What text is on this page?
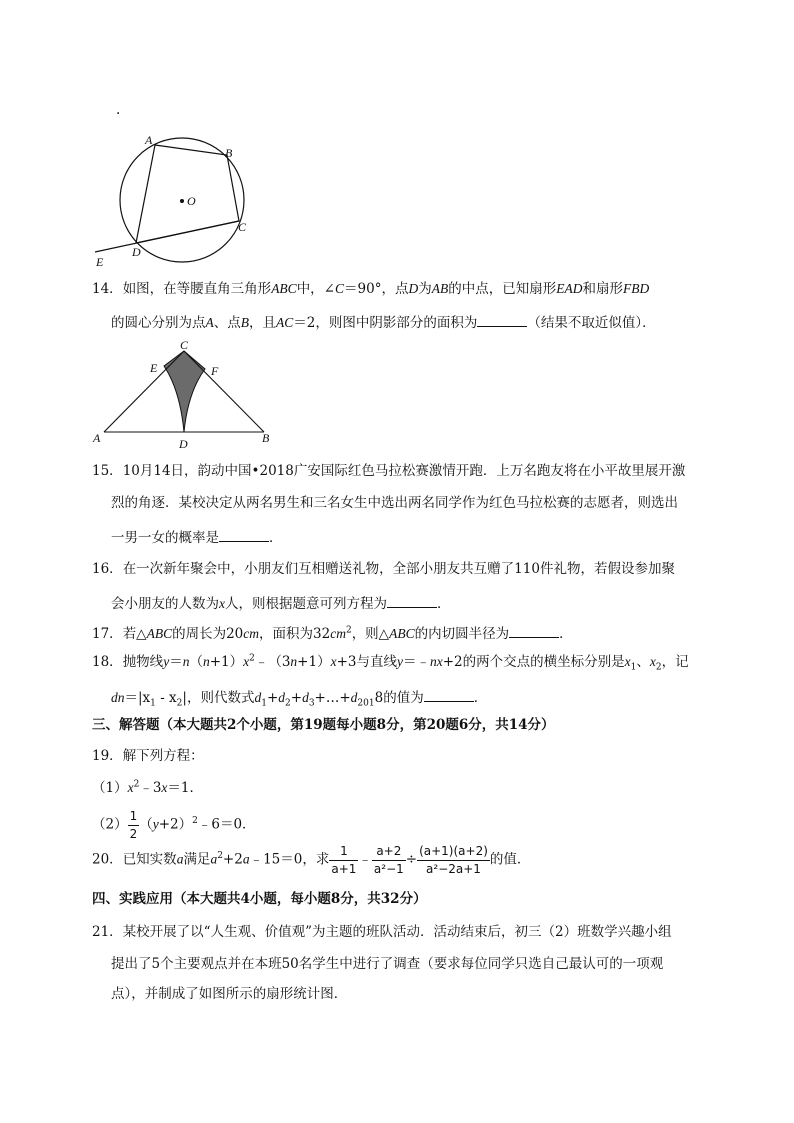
.
A
B
C
D
E
O
14．如图，在等腰直角三角形ABC中，∠C＝90°，点D为AB的中点，已知扇形EAD和扇形FBD
的圆心分别为点A、点B，且AC＝2，则图中阴影部分的面积为	（结果不取近似值）．
C
E	F
A	D	B
15．10月14日，韵动中国•2018广安国际红色马拉松赛激情开跑．上万名跑友将在小平故里展开激
烈的角逐．某校决定从两名男生和三名女生中选出两名同学作为红色马拉松赛的志愿者，则选出
一男一女的概率是	．
16．在一次新年聚会中，小朋友们互相赠送礼物，全部小朋友共互赠了110件礼物，若假设参加聚
会小朋友的人数为x人，则根据题意可列方程为	．
17．若△ABC的周长为20cm，面积为$32cm^2$，则△ABC的内切圆半径为	．
18．抛物线$y=n(n+1)x^2﹣(3n+1)x+3$与直线y＝﹣nx+2的两个交点的横坐标分别是$x_1$、$x_2$，记
$dn=|x_1 - x_2|$，则代数式$d_1+d_2+d_3+\dots+d_{201}8$的值为	．
三、解答题（本大题共2个小题，第19题每小题8分，第20题6分，共14分）
19．解下列方程：
$(1)x^2﹣3x=1$．
$(2) \frac{1}{2}$ $(y+2)^2﹣6=0$．
20．已知实数a满足$a^2+2a﹣15=0$，求 $\frac{1}{a+1}$ ﹣ $\frac{a+2}{\text{a²−1}} \div \frac{(a+1)(a+2)}{\text{a²−2a+1}}$ 的值．
四、实践应用（本大题共4小题，每小题8分，共32分）
21．某校开展了以“人生观、价值观”为主题的班队活动．活动结束后，初三（2）班数学兴趣小组
提出了5个主要观点并在本班50名学生中进行了调查（要求每位同学只选自己最认可的一项观
点），并制成了如图所示的扇形统计图．
